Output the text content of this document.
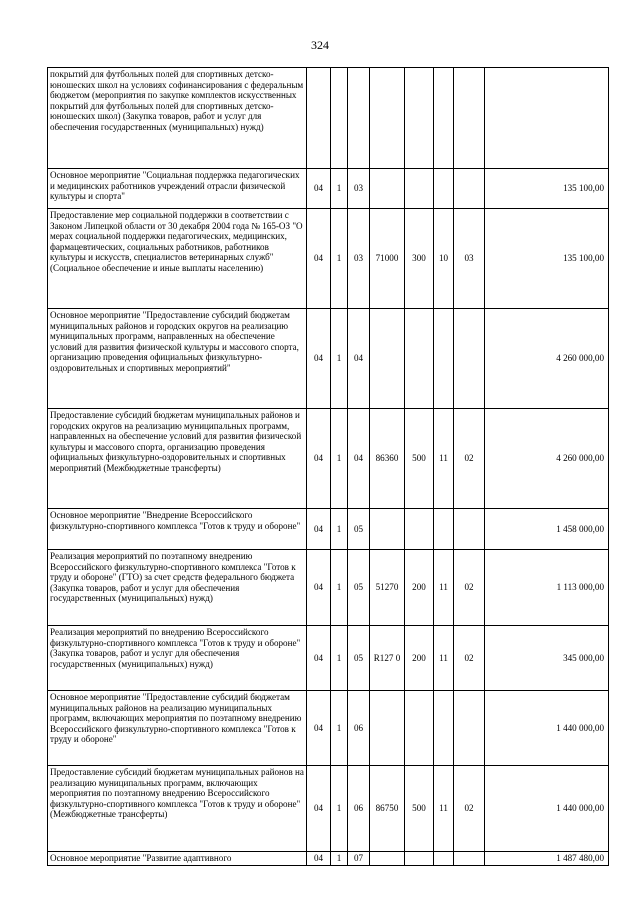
324
покрытий для футбольных полей для спортивных детско-юношеских школ на условиях софинансирования с федеральным бюджетом (мероприятия по закупке комплектов искусственных покрытий для футбольных полей для спортивных детско-юношеских школ) (Закупка товаров, работ и услуг для обеспечения государственных (муниципальных) нужд)								
Основное мероприятие "Социальная поддержка педагогических и медицинских работников учреждений отрасли физической культуры и спорта"	04	1	03					135 100,00
Предоставление мер социальной поддержки в соответствии с Законом Липецкой области от 30 декабря 2004 года № 165-ОЗ "О мерах социальной поддержки педагогических, медицинских, фармацевтических, социальных работников, работников культуры и искусств, специалистов ветеринарных служб" (Социальное обеспечение и иные выплаты населению)	04	1	03	71000	300	10	03	135 100,00
Основное мероприятие "Предоставление субсидий бюджетам муниципальных районов и городских округов на реализацию муниципальных программ, направленных на обеспечение условий для развития физической культуры и массового спорта, организацию проведения официальных физкультурно-оздоровительных и спортивных мероприятий"	04	1	04					4 260 000,00
Предоставление субсидий бюджетам муниципальных районов и городских округов на реализацию муниципальных программ, направленных на обеспечение условий для развития физической культуры и массового спорта, организацию проведения официальных физкультурно-оздоровительных и спортивных мероприятий (Межбюджетные трансферты)	04	1	04	86360	500	11	02	4 260 000,00
Основное мероприятие "Внедрение Всероссийского физкультурно-спортивного комплекса "Готов к труду и обороне"	04	1	05					1 458 000,00
Реализация мероприятий по поэтапному внедрению Всероссийского физкультурно-спортивного комплекса "Готов к труду и обороне" (ГТО) за счет средств федерального бюджета (Закупка товаров, работ и услуг для обеспечения государственных (муниципальных) нужд)	04	1	05	51270	200	11	02	1 113 000,00
Реализация мероприятий по внедрению Всероссийского физкультурно-спортивного комплекса "Готов к труду и обороне" (Закупка товаров, работ и услуг для обеспечения государственных (муниципальных) нужд)	04	1	05	R127 0	200	11	02	345 000,00
Основное мероприятие "Предоставление субсидий бюджетам муниципальных районов на реализацию муниципальных программ, включающих мероприятия по поэтапному внедрению Всероссийского физкультурно-спортивного комплекса "Готов к труду и обороне"	04	1	06					1 440 000,00
Предоставление субсидий бюджетам муниципальных районов на реализацию муниципальных программ, включающих мероприятия по поэтапному внедрению Всероссийского физкультурно-спортивного комплекса "Готов к труду и обороне" (Межбюджетные трансферты)	04	1	06	86750	500	11	02	1 440 000,00
Основное мероприятие "Развитие адаптивного	04	1	07					1 487 480,00
